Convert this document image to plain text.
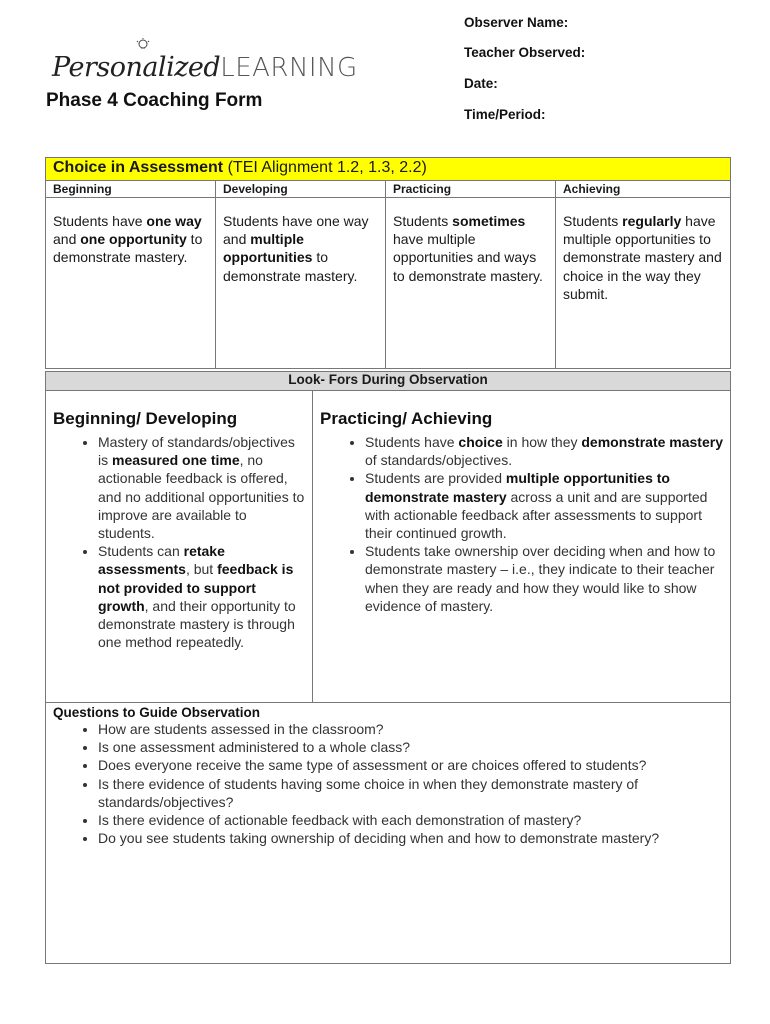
PersonalizedLEARNING
Phase 4 Coaching Form
Observer Name:
Teacher Observed:
Date:
Time/Period:
Choice in Assessment (TEI Alignment 1.2, 1.3, 2.2)			
Beginning	Developing	Practicing	Achieving
Students have one way and one opportunity to demonstrate mastery.	Students have one way and multiple opportunities to demonstrate mastery.	Students sometimes have multiple opportunities and ways to demonstrate mastery.	Students regularly have multiple opportunities to demonstrate mastery and choice in the way they submit.
Look- Fors During Observation

Beginning/ Developing
• Mastery of standards/objectives is measured one time, no actionable feedback is offered, and no additional opportunities to improve are available to students.
• Students can retake assessments, but feedback is not provided to support growth, and their opportunity to demonstrate mastery is through one method repeatedly.

Practicing/ Achieving
• Students have choice in how they demonstrate mastery of standards/objectives.
• Students are provided multiple opportunities to demonstrate mastery across a unit and are supported with actionable feedback after assessments to support their continued growth.
• Students take ownership over deciding when and how to demonstrate mastery – i.e., they indicate to their teacher when they are ready and how they would like to show evidence of mastery.

Questions to Guide Observation
• How are students assessed in the classroom?
• Is one assessment administered to a whole class?
• Does everyone receive the same type of assessment or are choices offered to students?
• Is there evidence of students having some choice in when they demonstrate mastery of standards/objectives?
• Is there evidence of actionable feedback with each demonstration of mastery?
• Do you see students taking ownership of deciding when and how to demonstrate mastery?
